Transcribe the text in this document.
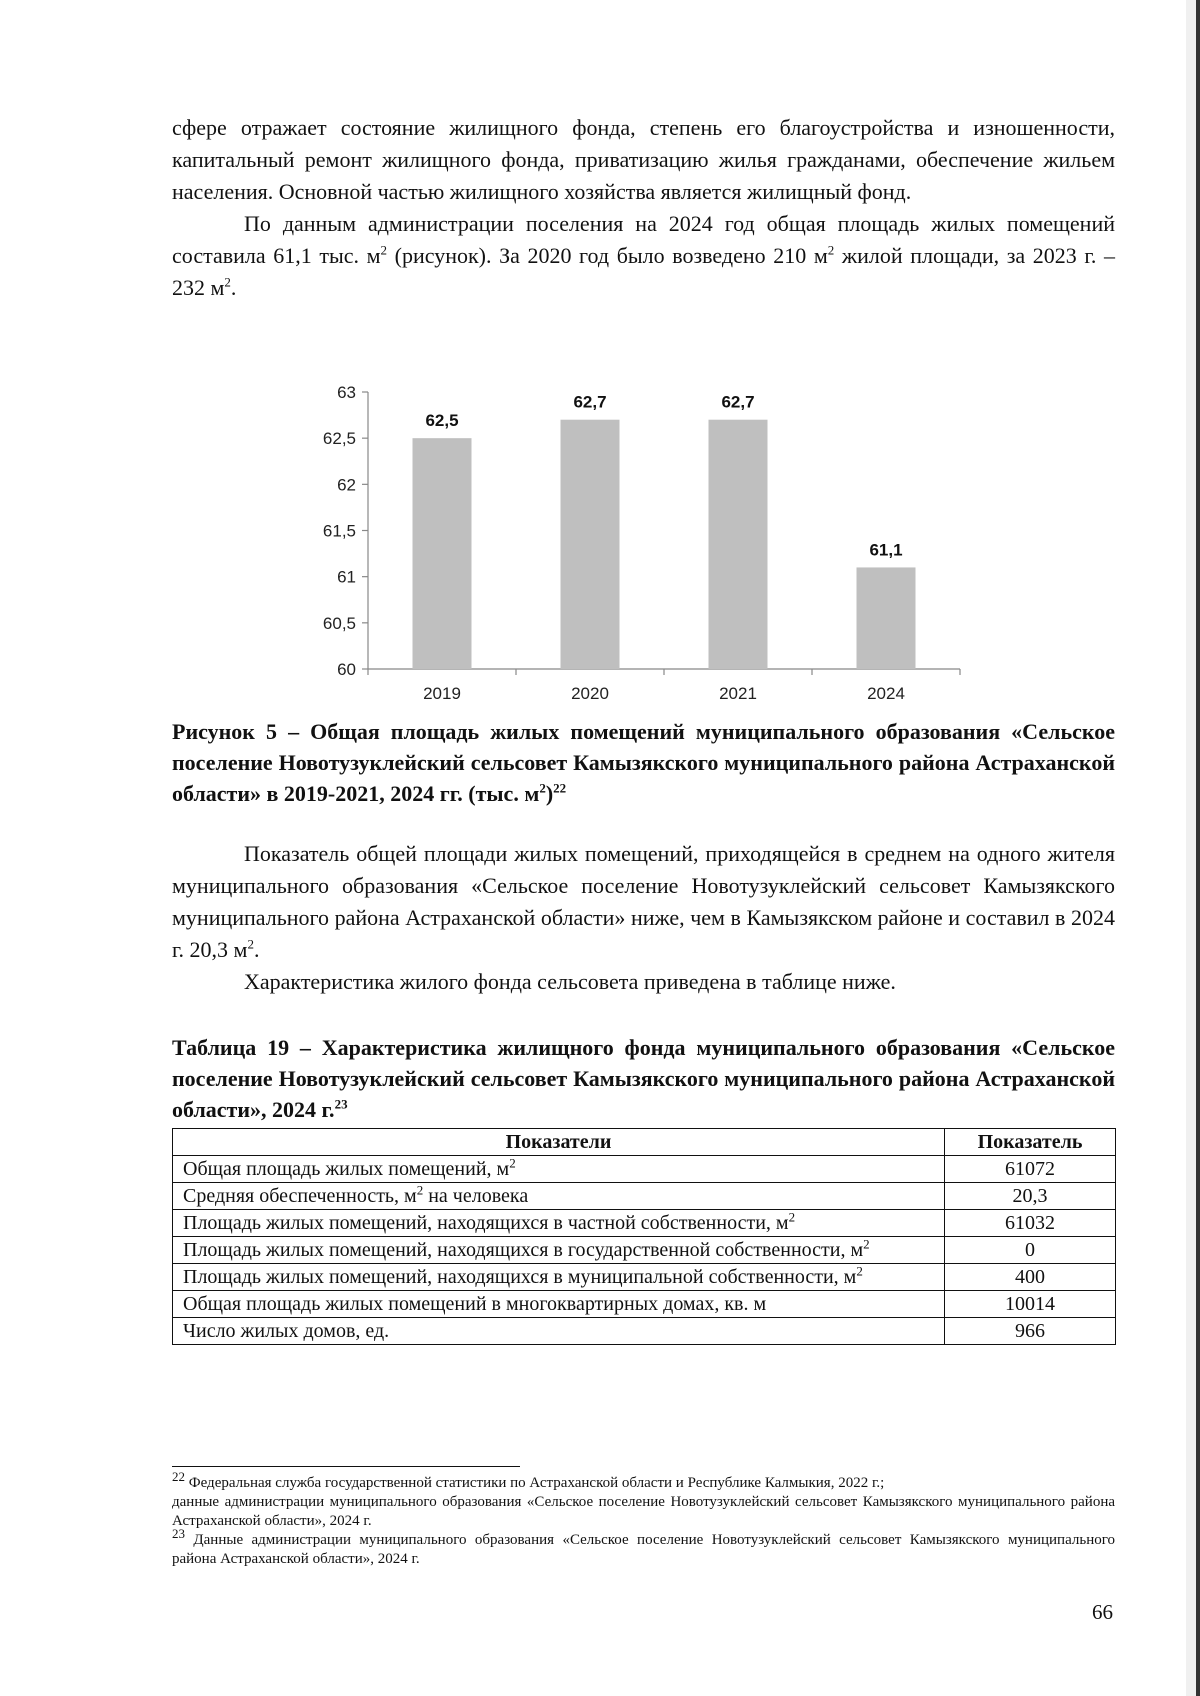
сфере отражает состояние жилищного фонда, степень его благоустройства и изношенности, капитальный ремонт жилищного фонда, приватизацию жилья гражданами, обеспечение жильем населения. Основной частью жилищного хозяйства является жилищный фонд.

По данным администрации поселения на 2024 год общая площадь жилых помещений составила 61,1 тыс. $м^2$ (рисунок). За 2020 год было возведено 210 $м^2$ жилой площади, за 2023 г. – 232 $м^2$.

60
60,5
61
61,5
62
62,5
63
62,5
2019
62,7
2020
62,7
2021
61,1
2024
Рисунок 5 – Общая площадь жилых помещений муниципального образования «Сельское поселение Новотузуклейский сельсовет Камызякского муниципального района Астраханской области» в 2019-2021, 2024 гг. (тыс. $м^2)^{22}$

Показатель общей площади жилых помещений, приходящейся в среднем на одного жителя муниципального образования «Сельское поселение Новотузуклейский сельсовет Камызякского муниципального района Астраханской области» ниже, чем в Камызякском районе и составил в 2024 г. 20,3 $м^2$.

Характеристика жилого фонда сельсовета приведена в таблице ниже.

Таблица 19 – Характеристика жилищного фонда муниципального образования «Сельское поселение Новотузуклейский сельсовет Камызякского муниципального района Астраханской области», 2024 г.$^{23}$
Показатели	Показатель
Общая площадь жилых помещений, $м^2$	61072
Средняя обеспеченность, $м^2$ на человека	20,3
Площадь жилых помещений, находящихся в частной собственности, $м^2$	61032
Площадь жилых помещений, находящихся в государственной собственности, $м^2$	0
Площадь жилых помещений, находящихся в муниципальной собственности, $м^2$	400
Общая площадь жилых помещений в многоквартирных домах, кв. м	10014
Число жилых домов, ед.	966
$^{22}$ Федеральная служба государственной статистики по Астраханской области и Республике Калмыкия, 2022 г.;
данные администрации муниципального образования «Сельское поселение Новотузуклейский сельсовет Камызякского муниципального района Астраханской области», 2024 г.
$^{23}$ Данные администрации муниципального образования «Сельское поселение Новотузуклейский сельсовет Камызякского муниципального района Астраханской области», 2024 г.
66
